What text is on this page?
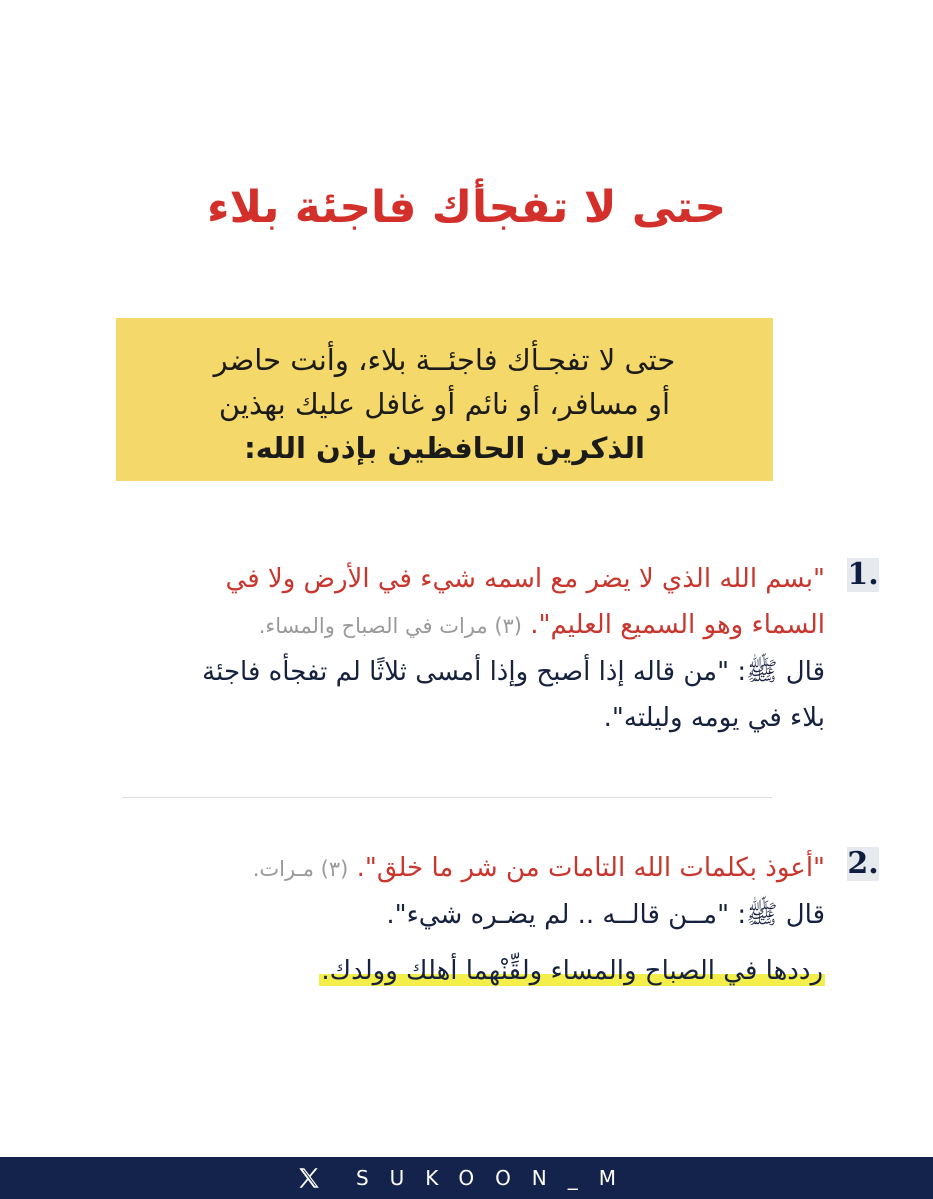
حتى لا تفجأك فاجئة بلاء
حتى لا تفجـأك فاجئــة بلاء، وأنت حاضر
أو مسافر، أو نائم أو غافل عليك بهذين
الذكرين الحافظين بإذن الله:
1.
"بسم الله الذي لا يضر مع اسمه شيء في الأرض ولا في
السماء وهو السميع العليم". (٣) مرات في الصباح والمساء.
قال ﷺ: "من قاله إذا أصبح وإذا أمسى ثلاثًا لم تفجأه فاجئة
بلاء في يومه وليلته".
2.
"أعوذ بكلمات الله التامات من شر ما خلق". (٣) مـرات.
قال ﷺ: "مــن قالــه .. لم يضـره شيء".
رددها في الصباح والمساء ولقِّنْهما أهلك وولدك.
SUKOON_M
